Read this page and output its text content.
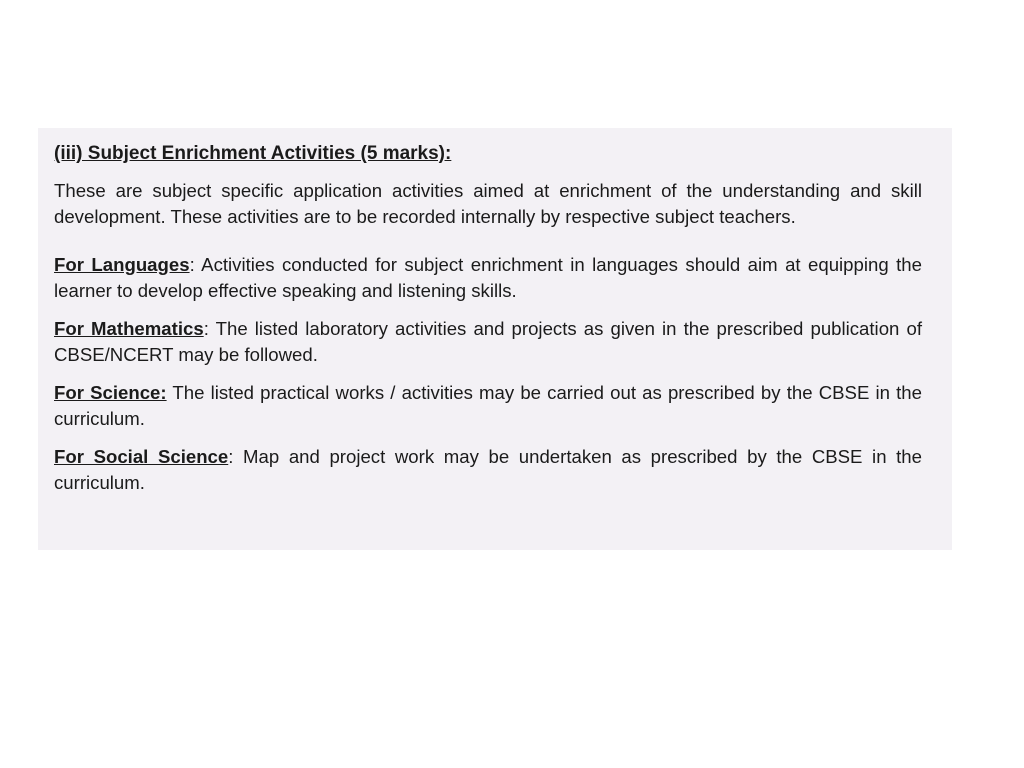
(iii) Subject Enrichment Activities (5 marks):

These are subject specific application activities aimed at enrichment of the understanding and skill development. These activities are to be recorded internally by respective subject teachers.

For Languages: Activities conducted for subject enrichment in languages should aim at equipping the learner to develop effective speaking and listening skills.

For Mathematics: The listed laboratory activities and projects as given in the prescribed publication of CBSE/NCERT may be followed.

For Science: The listed practical works / activities may be carried out as prescribed by the CBSE in the curriculum.

For Social Science: Map and project work may be undertaken as prescribed by the CBSE in the curriculum.
